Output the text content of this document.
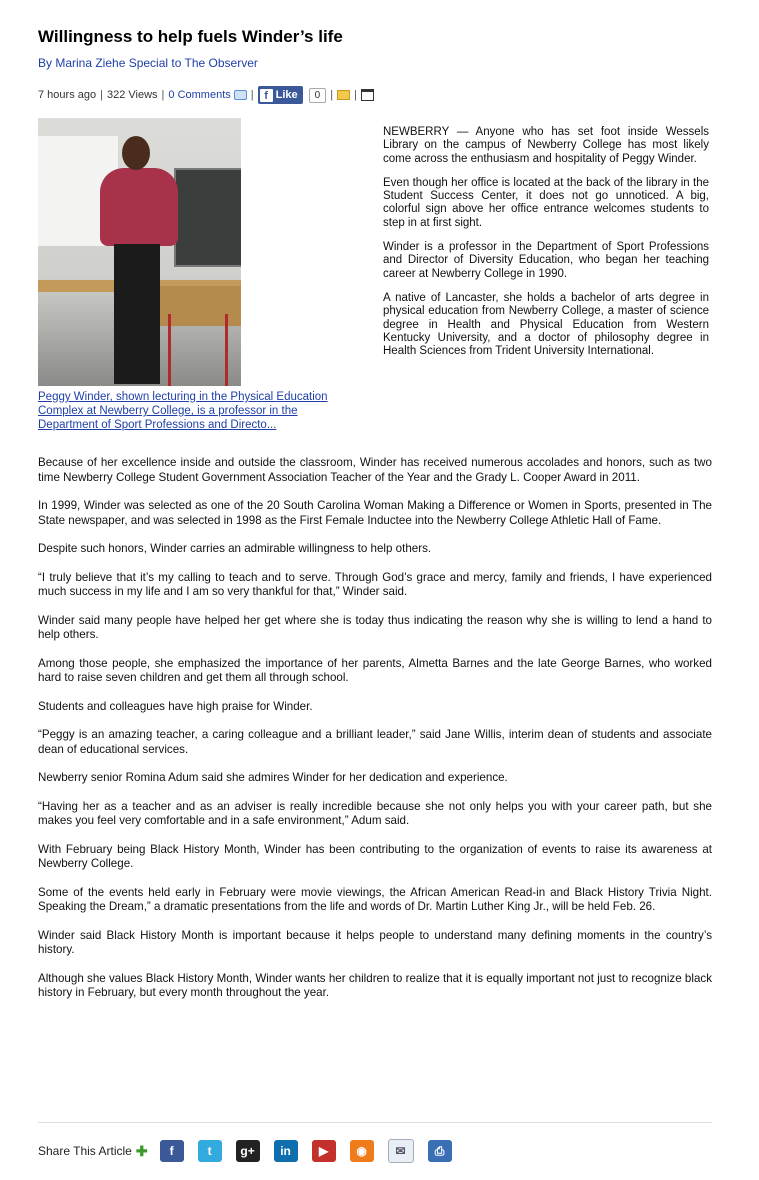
Willingness to help fuels Winder’s life
By Marina Ziehe Special to The Observer
7 hours ago | 322 Views | 0 Comments | f Like	0 | |
Peggy Winder, shown lecturing in the Physical Education Complex at Newberry College, is a professor in the Department of Sport Professions and Directo...

NEWBERRY — Anyone who has set foot inside Wessels Library on the campus of Newberry College has most likely come across the enthusiasm and hospitality of Peggy Winder.

Even though her office is located at the back of the library in the Student Success Center, it does not go unnoticed. A big, colorful sign above her office entrance welcomes students to step in at first sight.

Winder is a professor in the Department of Sport Professions and Director of Diversity Education, who began her teaching career at Newberry College in 1990.

A native of Lancaster, she holds a bachelor of arts degree in physical education from Newberry College, a master of science degree in Health and Physical Education from Western Kentucky University, and a doctor of philosophy degree in Health Sciences from Trident University International.

Because of her excellence inside and outside the classroom, Winder has received numerous accolades and honors, such as two time Newberry College Student Government Association Teacher of the Year and the Grady L. Cooper Award in 2011.

In 1999, Winder was selected as one of the 20 South Carolina Woman Making a Difference or Women in Sports, presented in The State newspaper, and was selected in 1998 as the First Female Inductee into the Newberry College Athletic Hall of Fame.

Despite such honors, Winder carries an admirable willingness to help others.

“I truly believe that it’s my calling to teach and to serve. Through God’s grace and mercy, family and friends, I have experienced much success in my life and I am so very thankful for that,” Winder said.

Winder said many people have helped her get where she is today thus indicating the reason why she is willing to lend a hand to help others.

Among those people, she emphasized the importance of her parents, Almetta Barnes and the late George Barnes, who worked hard to raise seven children and get them all through school.

Students and colleagues have high praise for Winder.

“Peggy is an amazing teacher, a caring colleague and a brilliant leader,” said Jane Willis, interim dean of students and associate dean of educational services.

Newberry senior Romina Adum said she admires Winder for her dedication and experience.

“Having her as a teacher and as an adviser is really incredible because she not only helps you with your career path, but she makes you feel very comfortable and in a safe environment,” Adum said.

With February being Black History Month, Winder has been contributing to the organization of events to raise its awareness at Newberry College.

Some of the events held early in February were movie viewings, the African American Read-in and Black History Trivia Night. Speaking the Dream,” a dramatic presentations from the life and words of Dr. Martin Luther King Jr., will be held Feb. 26.

Winder said Black History Month is important because it helps people to understand many defining moments in the country’s history.

Although she values Black History Month, Winder wants her children to realize that it is equally important not just to recognize black history in February, but every month throughout the year.

Share This Article ✚	f	t	g+	in	▶	◉	✉	⎙
